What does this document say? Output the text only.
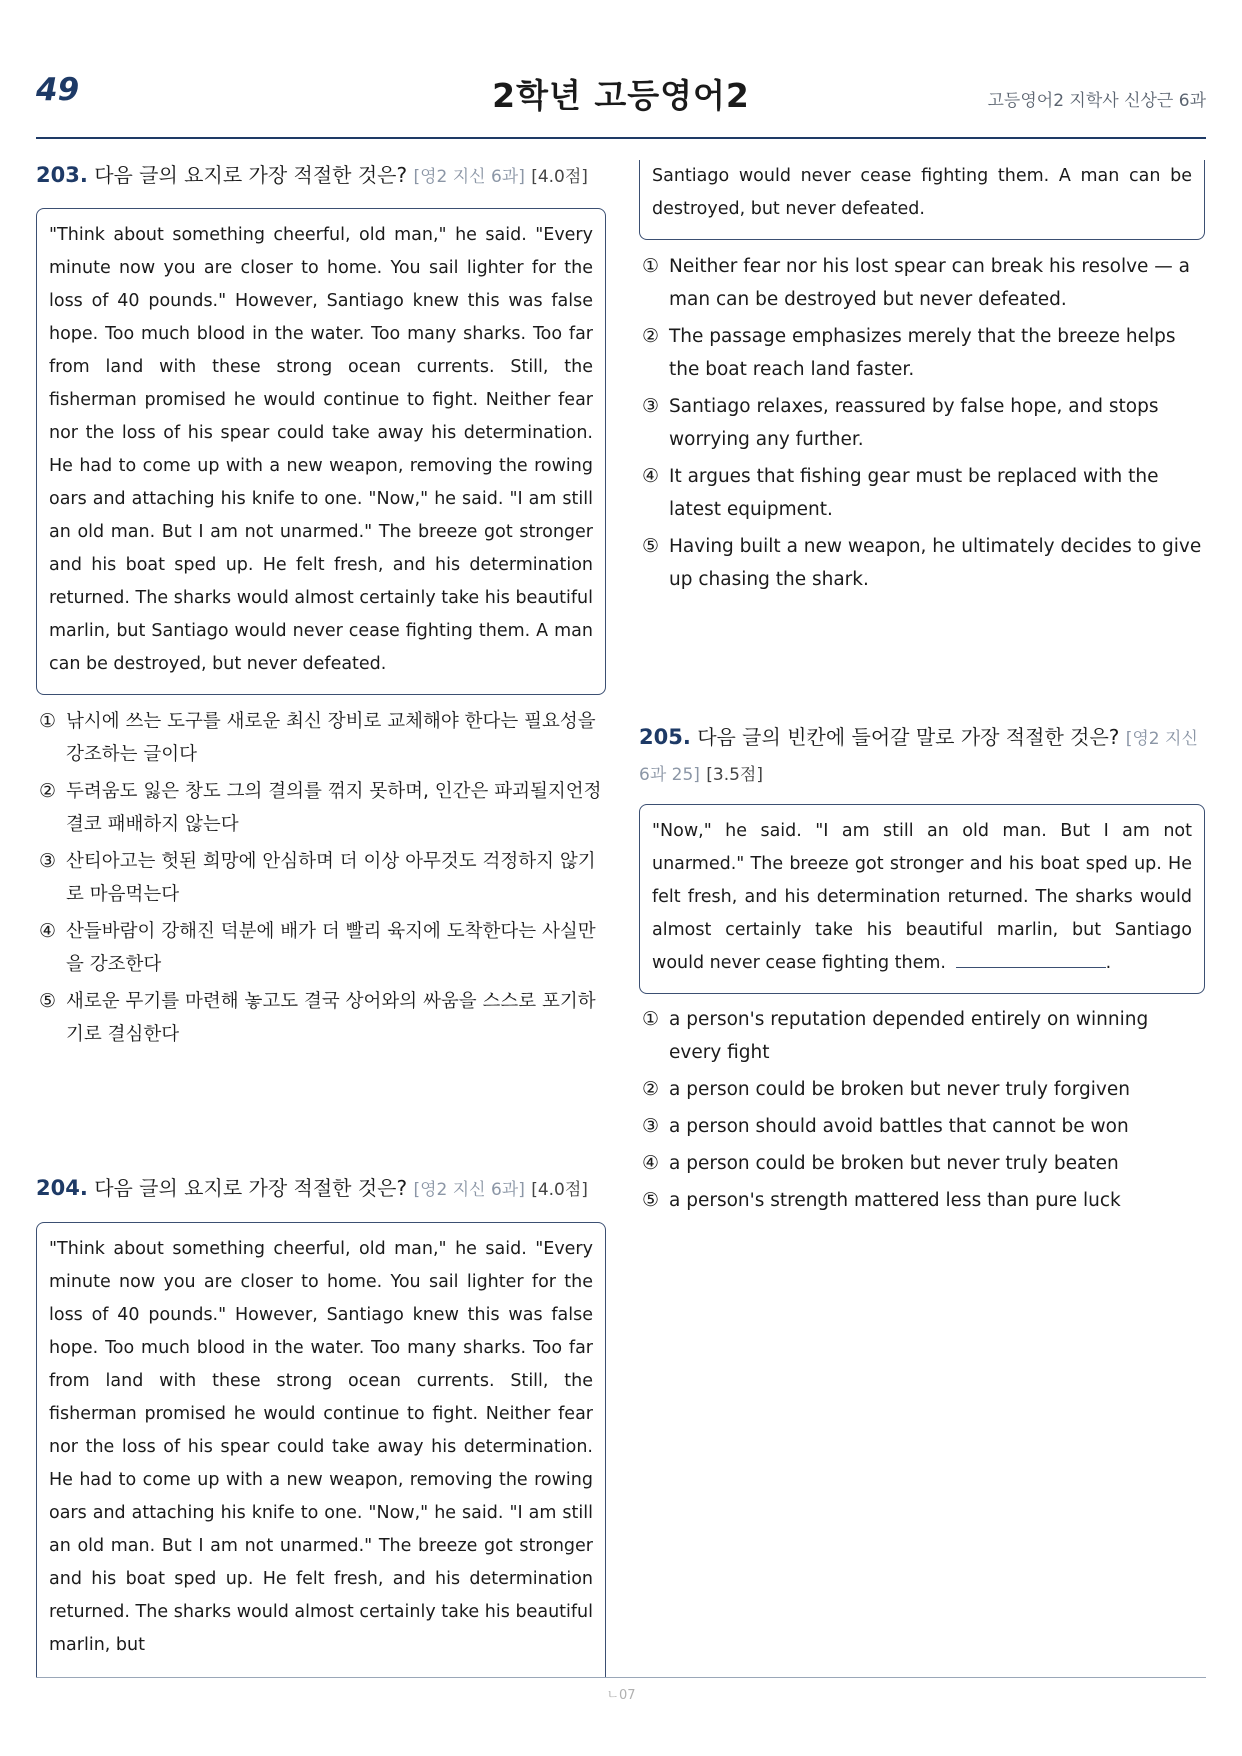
49	2학년 고등영어2	고등영어2 지학사 신상근 6과
203. 다음 글의 요지로 가장 적절한 것은? [영2 지신 6과] [4.0점]
"Think about something cheerful, old man," he said. "Every minute now you are closer to home. You sail lighter for the loss of 40 pounds." However, Santiago knew this was false hope. Too much blood in the water. Too many sharks. Too far from land with these strong ocean currents. Still, the fisherman promised he would continue to fight. Neither fear nor the loss of his spear could take away his determination. He had to come up with a new weapon, removing the rowing oars and attaching his knife to one. "Now," he said. "I am still an old man. But I am not unarmed." The breeze got stronger and his boat sped up. He felt fresh, and his determination returned. The sharks would almost certainly take his beautiful marlin, but Santiago would never cease fighting them. A man can be destroyed, but never defeated.
① 낚시에 쓰는 도구를 새로운 최신 장비로 교체해야 한다는 필요성을 강조하는 글이다
② 두려움도 잃은 창도 그의 결의를 꺾지 못하며, 인간은 파괴될지언정 결코 패배하지 않는다
③ 산티아고는 헛된 희망에 안심하며 더 이상 아무것도 걱정하지 않기로 마음먹는다
④ 산들바람이 강해진 덕분에 배가 더 빨리 육지에 도착한다는 사실만을 강조한다
⑤ 새로운 무기를 마련해 놓고도 결국 상어와의 싸움을 스스로 포기하기로 결심한다
204. 다음 글의 요지로 가장 적절한 것은? [영2 지신 6과] [4.0점]
"Think about something cheerful, old man," he said. "Every minute now you are closer to home. You sail lighter for the loss of 40 pounds." However, Santiago knew this was false hope. Too much blood in the water. Too many sharks. Too far from land with these strong ocean currents. Still, the fisherman promised he would continue to fight. Neither fear nor the loss of his spear could take away his determination. He had to come up with a new weapon, removing the rowing oars and attaching his knife to one. "Now," he said. "I am still an old man. But I am not unarmed." The breeze got stronger and his boat sped up. He felt fresh, and his determination returned. The sharks would almost certainly take his beautiful marlin, but
Santiago would never cease fighting them. A man can be destroyed, but never defeated.
① Neither fear nor his lost spear can break his resolve — a man can be destroyed but never defeated.
② The passage emphasizes merely that the breeze helps the boat reach land faster.
③ Santiago relaxes, reassured by false hope, and stops worrying any further.
④ It argues that fishing gear must be replaced with the latest equipment.
⑤ Having built a new weapon, he ultimately decides to give up chasing the shark.
205. 다음 글의 빈칸에 들어갈 말로 가장 적절한 것은? [영2 지신 6과 25] [3.5점]
"Now," he said. "I am still an old man. But I am not unarmed." The breeze got stronger and his boat sped up. He felt fresh, and his determination returned. The sharks would almost certainly take his beautiful marlin, but Santiago would never cease fighting them.	.
① a person's reputation depended entirely on winning every fight
② a person could be broken but never truly forgiven
③ a person should avoid battles that cannot be won
④ a person could be broken but never truly beaten
⑤ a person's strength mattered less than pure luck
ㄴ07
